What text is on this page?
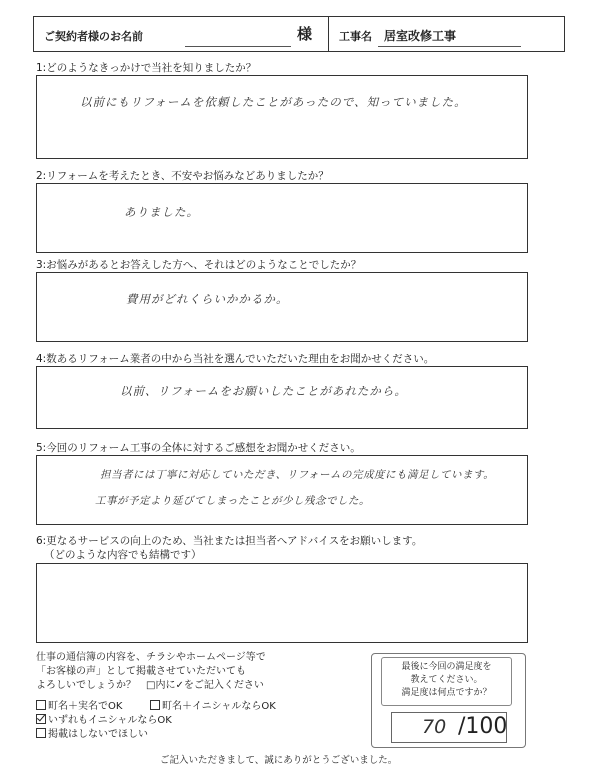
ご契約者様のお名前	様 工事名 居室改修工事
1:どのようなきっかけで当社を知りましたか？
以前にもリフォームを依頼したことがあったので、知っていました。
2:リフォームを考えたとき、不安やお悩みなどありましたか？
ありました。
3:お悩みがあるとお答えした方へ、それはどのようなことでしたか？
費用がどれくらいかかるか。
4:数あるリフォーム業者の中から当社を選んでいただいた理由をお聞かせください。
以前、リフォームをお願いしたことがあれたから。
5:今回のリフォーム工事の全体に対するご感想をお聞かせください。
担当者には丁寧に対応していただき、リフォームの完成度にも満足しています。
工事が予定より延びてしまったことが少し残念でした。
6:更なるサービスの向上のため、当社または担当者へアドバイスをお願いします。
（どのような内容でも結構です）
仕事の通信簿の内容を、チラシやホームページ等で
「お客様の声」として掲載させていただいても
よろしいでしょうか？　□内に✓をご記入ください
町名＋実名でOK	町名＋イニシャルならOK
いずれもイニシャルならOK
掲載はしないでほしい
最後に今回の満足度を
教えてください。
満足度は何点ですか？
70 /100
ご記入いただきまして、誠にありがとうございました。
